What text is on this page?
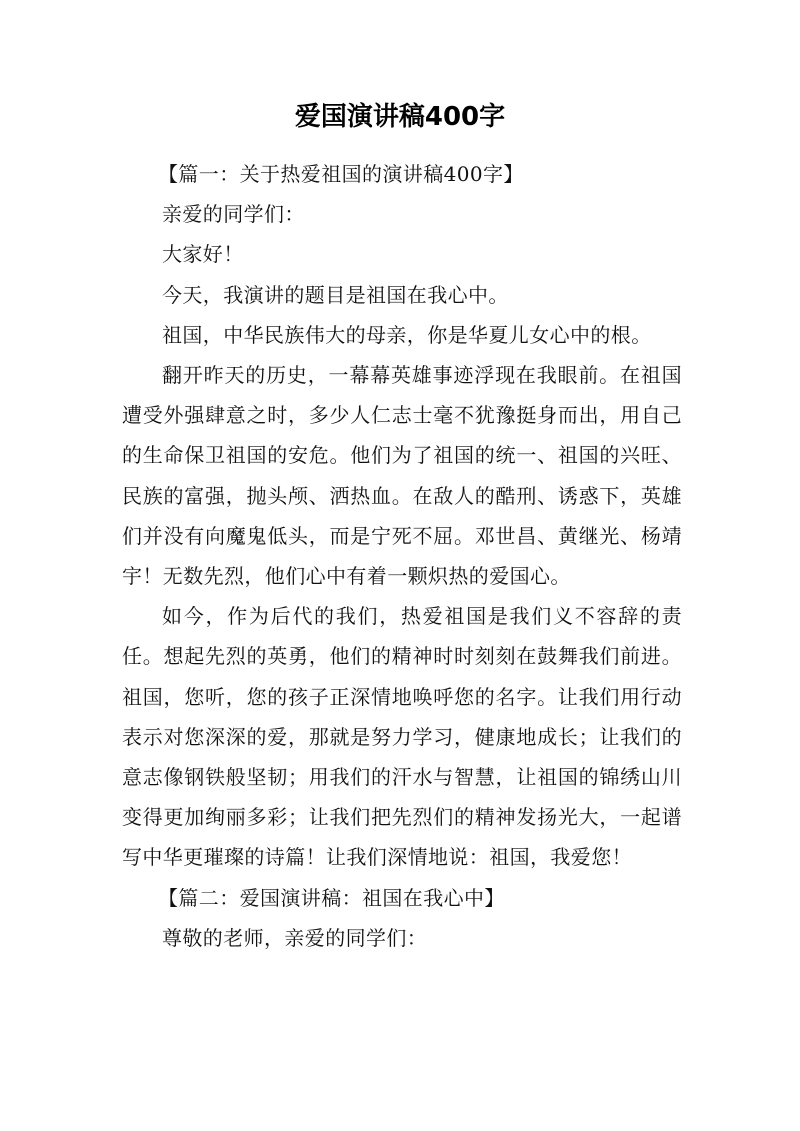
爱国演讲稿400字

【篇一：关于热爱祖国的演讲稿400字】

亲爱的同学们：

大家好！

今天，我演讲的题目是祖国在我心中。

祖国，中华民族伟大的母亲，你是华夏儿女心中的根。

翻开昨天的历史，一幕幕英雄事迹浮现在我眼前。在祖国遭受外强肆意之时，多少人仁志士毫不犹豫挺身而出，用自己的生命保卫祖国的安危。他们为了祖国的统一、祖国的兴旺、民族的富强，抛头颅、洒热血。在敌人的酷刑、诱惑下，英雄们并没有向魔鬼低头，而是宁死不屈。邓世昌、黄继光、杨靖宇！无数先烈，他们心中有着一颗炽热的爱国心。

如今，作为后代的我们，热爱祖国是我们义不容辞的责任。想起先烈的英勇，他们的精神时时刻刻在鼓舞我们前进。祖国，您听，您的孩子正深情地唤呼您的名字。让我们用行动表示对您深深的爱，那就是努力学习，健康地成长；让我们的意志像钢铁般坚韧；用我们的汗水与智慧，让祖国的锦绣山川变得更加绚丽多彩；让我们把先烈们的精神发扬光大，一起谱写中华更璀璨的诗篇！让我们深情地说：祖国，我爱您！

【篇二：爱国演讲稿：祖国在我心中】

尊敬的老师，亲爱的同学们：
